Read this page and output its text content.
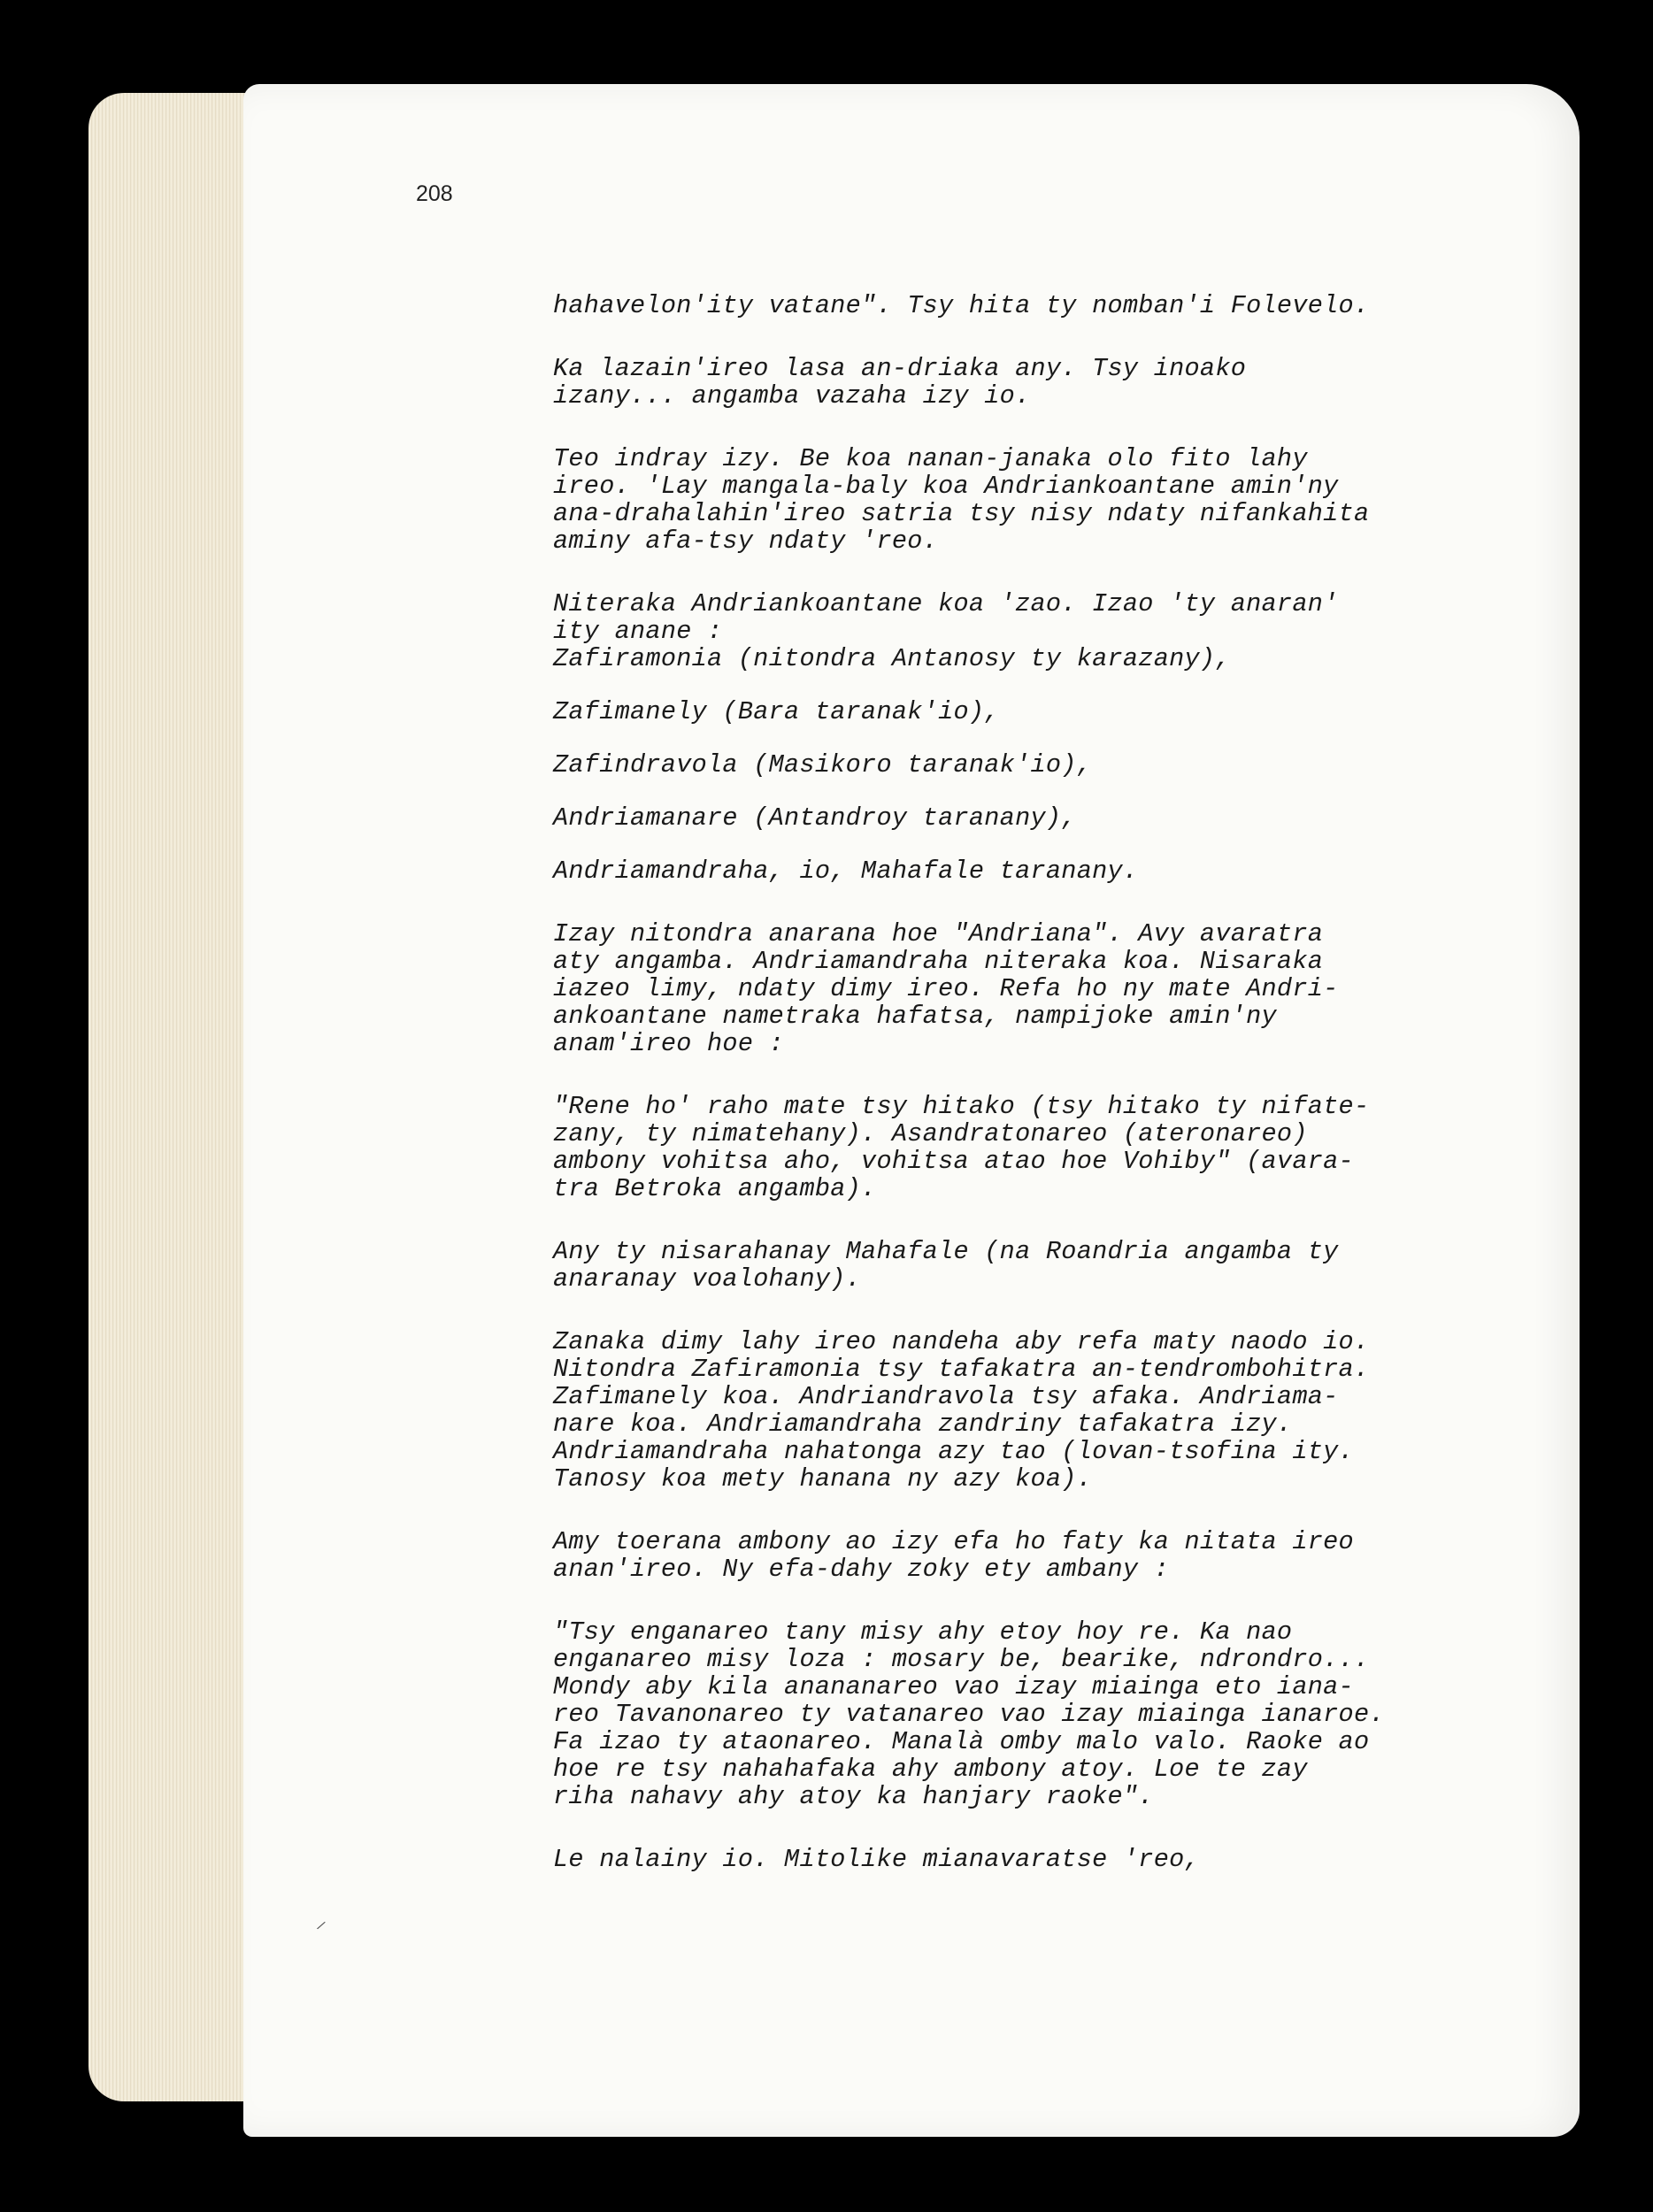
208

hahavelon'ity vatane". Tsy hita ty nomban'i Folevelo.

Ka lazain'ireo lasa an-driaka any. Tsy inoako
izany... angamba vazaha izy io.

Teo indray izy. Be koa nanan-janaka olo fito lahy
ireo. 'Lay mangala-baly koa Andriankoantane amin'ny
ana-drahalahin'ireo satria tsy nisy ndaty nifankahita
aminy afa-tsy ndaty 'reo.

Niteraka Andriankoantane koa 'zao. Izao 'ty anaran'
ity anane :

Zafiramonia (nitondra Antanosy ty karazany),

Zafimanely (Bara taranak'io),

Zafindravola (Masikoro taranak'io),

Andriamanare (Antandroy taranany),

Andriamandraha, io, Mahafale taranany.

Izay nitondra anarana hoe "Andriana". Avy avaratra
aty angamba. Andriamandraha niteraka koa. Nisaraka
iazeo limy, ndaty dimy ireo. Refa ho ny mate Andri-
ankoantane nametraka hafatsa, nampijoke amin'ny
anam'ireo hoe :

"Rene ho' raho mate tsy hitako (tsy hitako ty nifate-
zany, ty nimatehany). Asandratonareo (ateronareo)
ambony vohitsa aho, vohitsa atao hoe Vohiby" (avara-
tra Betroka angamba).

Any ty nisarahanay Mahafale (na Roandria angamba ty
anaranay voalohany).

Zanaka dimy lahy ireo nandeha aby refa maty naodo io.
Nitondra Zafiramonia tsy tafakatra an-tendrombohitra.
Zafimanely koa. Andriandravola tsy afaka. Andriama-
nare koa. Andriamandraha zandriny tafakatra izy.
Andriamandraha nahatonga azy tao (lovan-tsofina ity.
Tanosy koa mety hanana ny azy koa).

Amy toerana ambony ao izy efa ho faty ka nitata ireo
anan'ireo. Ny efa-dahy zoky ety ambany :

"Tsy enganareo tany misy ahy etoy hoy re. Ka nao
enganareo misy loza : mosary be, bearike, ndrondro...
Mondy aby kila anananareo vao izay miainga eto iana-
reo Tavanonareo ty vatanareo vao izay miainga ianaroe.
Fa izao ty ataonareo. Manalà omby malo valo. Raoke ao
hoe re tsy nahahafaka ahy ambony atoy. Loe te zay
riha nahavy ahy atoy ka hanjary raoke".

Le nalainy io. Mitolike mianavaratse 'reo,

/
